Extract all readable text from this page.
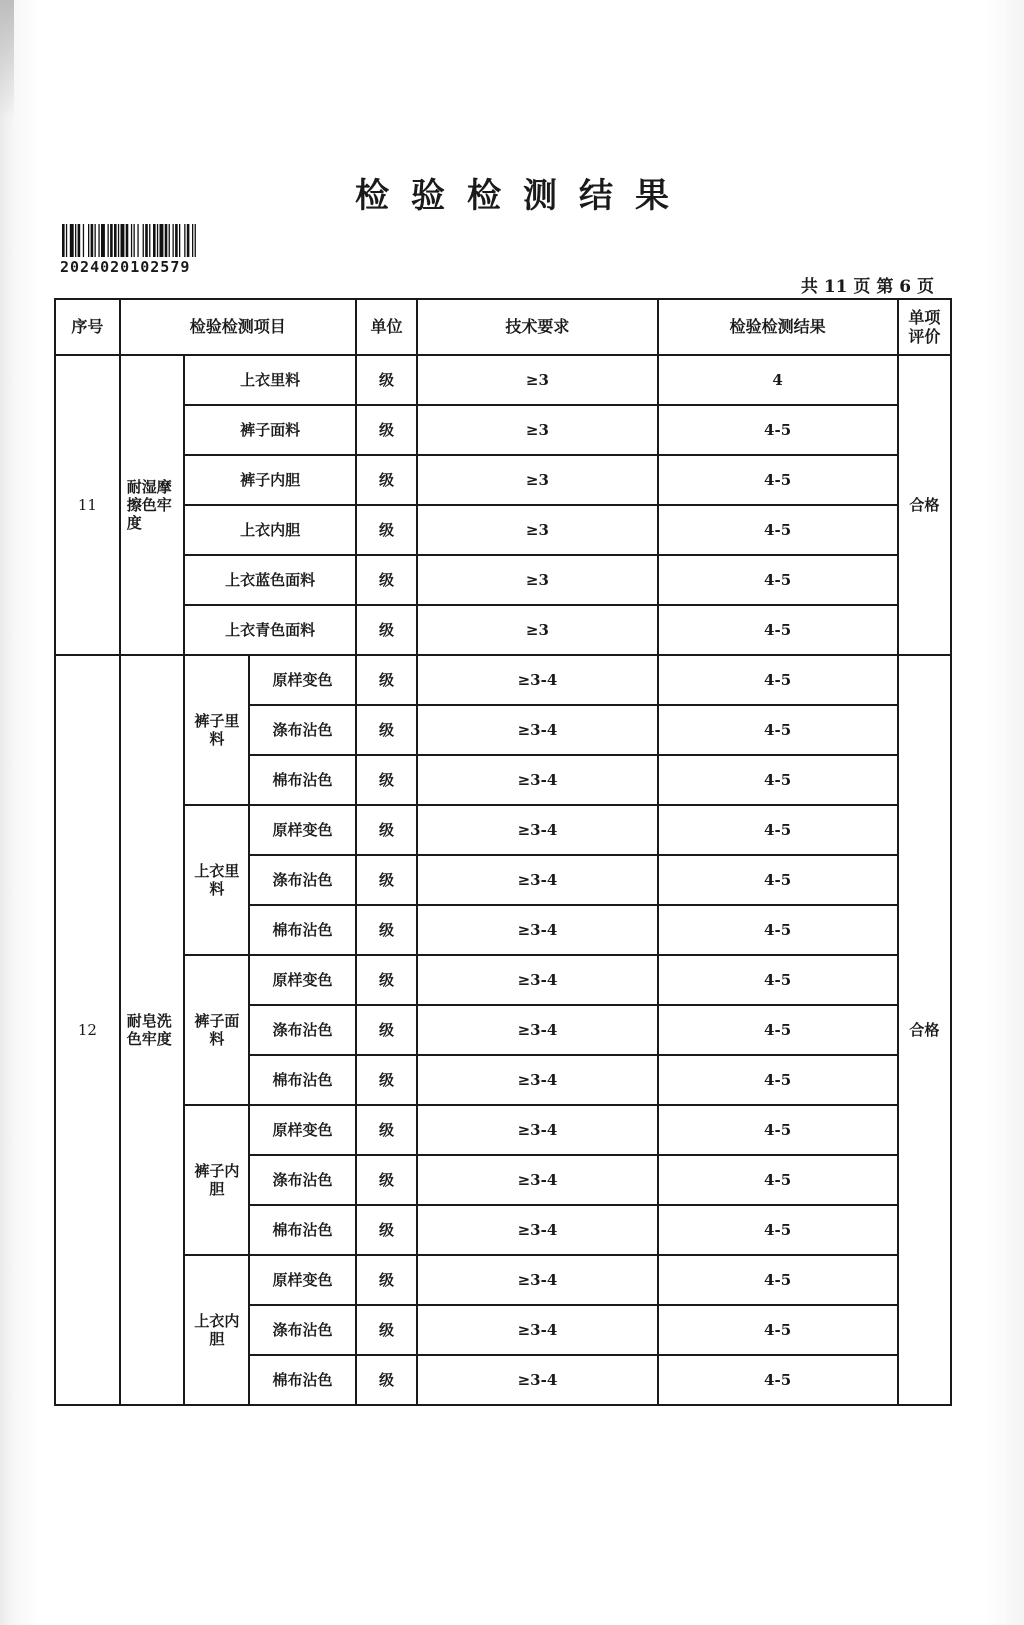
检验检测结果
2024020102579
共 11 页 第 6 页
序号	检验检测项目			单位	技术要求	检验检测结果	单项评价
11	耐湿摩擦色牢度	上衣里料		级	≥3	4	合格
		裤子面料		级	≥3	4-5	
		裤子内胆		级	≥3	4-5	
		上衣内胆		级	≥3	4-5	
		上衣蓝色面料		级	≥3	4-5	
		上衣青色面料		级	≥3	4-5	
12	耐皂洗色牢度	裤子里料	原样变色	级	≥3-4	4-5	合格
			涤布沾色	级	≥3-4	4-5	
			棉布沾色	级	≥3-4	4-5	
		上衣里料	原样变色	级	≥3-4	4-5	
			涤布沾色	级	≥3-4	4-5	
			棉布沾色	级	≥3-4	4-5	
		裤子面料	原样变色	级	≥3-4	4-5	
			涤布沾色	级	≥3-4	4-5	
			棉布沾色	级	≥3-4	4-5	
		裤子内胆	原样变色	级	≥3-4	4-5	
			涤布沾色	级	≥3-4	4-5	
			棉布沾色	级	≥3-4	4-5	
		上衣内胆	原样变色	级	≥3-4	4-5	
			涤布沾色	级	≥3-4	4-5	
			棉布沾色	级	≥3-4	4-5	
